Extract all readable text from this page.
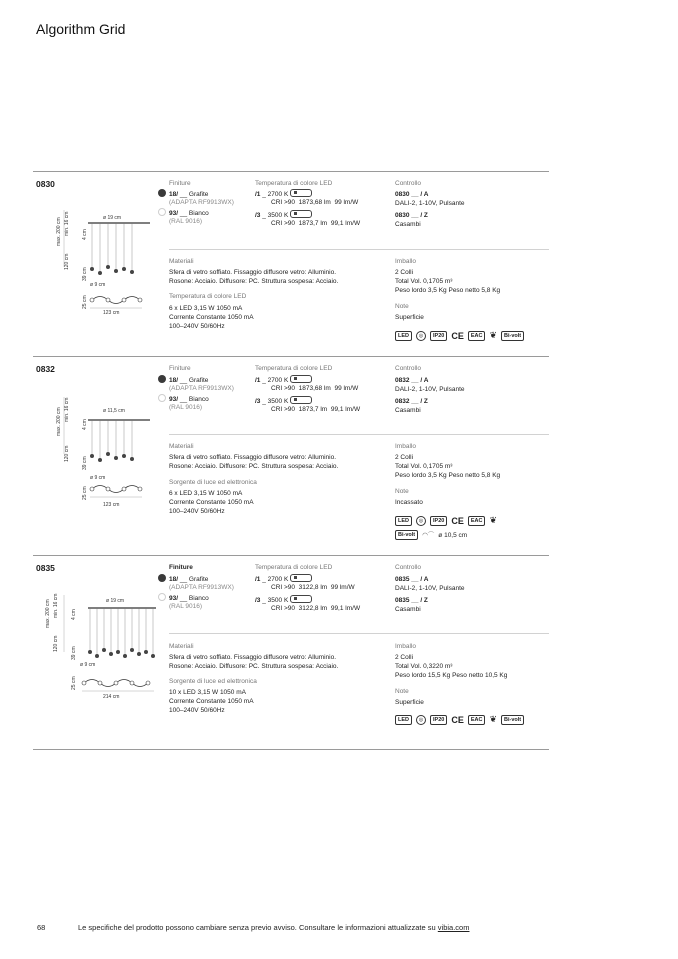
Algorithm Grid
0830
max. 200 cm min. 16 cm
120 cm
4 cm
39 cm
25 cm
ø 19 cm
ø 9 cm
123 cm
Finiture
18/ __ Grafite
(ADAPTA RF9913WX)
93/ __ Bianco
(RAL 9016)
Temperatura di colore LED
/1 _ 2700 K
CRI >90 1873,68 lm 99 lm/W
/3 _ 3500 K
CRI >90 1873,7 lm 99,1 lm/W
Controllo
0830 __ / A
DALI-2, 1-10V, Pulsante
0830 __ / Z
Casambi
Materiali
Sfera di vetro soffiato. Fissaggio diffusore vetro: Alluminio.
Rosone: Acciaio. Diffusore: PC. Struttura sospesa: Acciaio.
Temperatura di colore LED
6 x LED 3,15 W 1050 mA
Corrente Constante 1050 mA
100–240V 50/60Hz
Imballo
2 Colli
Total Vol. 0,1705 m³
Peso lordo 3,5 Kg Peso netto 5,8 Kg
Note
Superficie
LED	◎	IP20 CE	EAC ❦	Bi-volt
0832
max. 200 cm min. 16 cm
120 cm
4 cm
39 cm
25 cm
ø 11,5 cm
ø 9 cm
123 cm
Finiture
18/ __ Grafite
(ADAPTA RF9913WX)
93/ __ Bianco
(RAL 9016)
Temperatura di colore LED
/1 _ 2700 K
CRI >90 1873,68 lm 99 lm/W
/3 _ 3500 K
CRI >90 1873,7 lm 99,1 lm/W
Controllo
0832 __ / A
DALI-2, 1-10V, Pulsante
0832 __ / Z
Casambi
Materiali
Sfera di vetro soffiato. Fissaggio diffusore vetro: Alluminio.
Rosone: Acciaio. Diffusore: PC. Struttura sospesa: Acciaio.
Sorgente di luce ed elettronica
6 x LED 3,15 W 1050 mA
Corrente Constante 1050 mA
100–240V 50/60Hz
Imballo
2 Colli
Total Vol. 0,1705 m³
Peso lordo 3,5 Kg Peso netto 5,8 Kg
Note
Incassato
LED	◎	IP20 CE	EAC ❦
Bi-volt	◠⌒ ø 10,5 cm
0835
max. 200 cm min. 16 cm
120 cm
4 cm
39 cm
25 cm
ø 19 cm
ø 9 cm
214 cm
Finiture
18/ __ Grafite
(ADAPTA RF9913WX)
93/ __ Bianco
(RAL 9016)
Temperatura di colore LED
/1 _ 2700 K
CRI >90 3122,8 lm 99 lm/W
/3 _ 3500 K
CRI >90 3122,8 lm 99,1 lm/W
Controllo
0835 __ / A
DALI-2, 1-10V, Pulsante
0835 __ / Z
Casambi
Materiali
Sfera di vetro soffiato. Fissaggio diffusore vetro: Alluminio.
Rosone: Acciaio. Diffusore: PC. Struttura sospesa: Acciaio.
Sorgente di luce ed elettronica
10 x LED 3,15 W 1050 mA
Corrente Constante 1050 mA
100–240V 50/60Hz
Imballo
2 Colli
Total Vol. 0,3220 m³
Peso lordo 15,5 Kg Peso netto 10,5 Kg
Note
Superficie
LED	◎	IP20 CE	EAC ❦	Bi-volt
68	Le specifiche del prodotto possono cambiare senza previo avviso. Consultare le informazioni attualizzate su vibia.com
